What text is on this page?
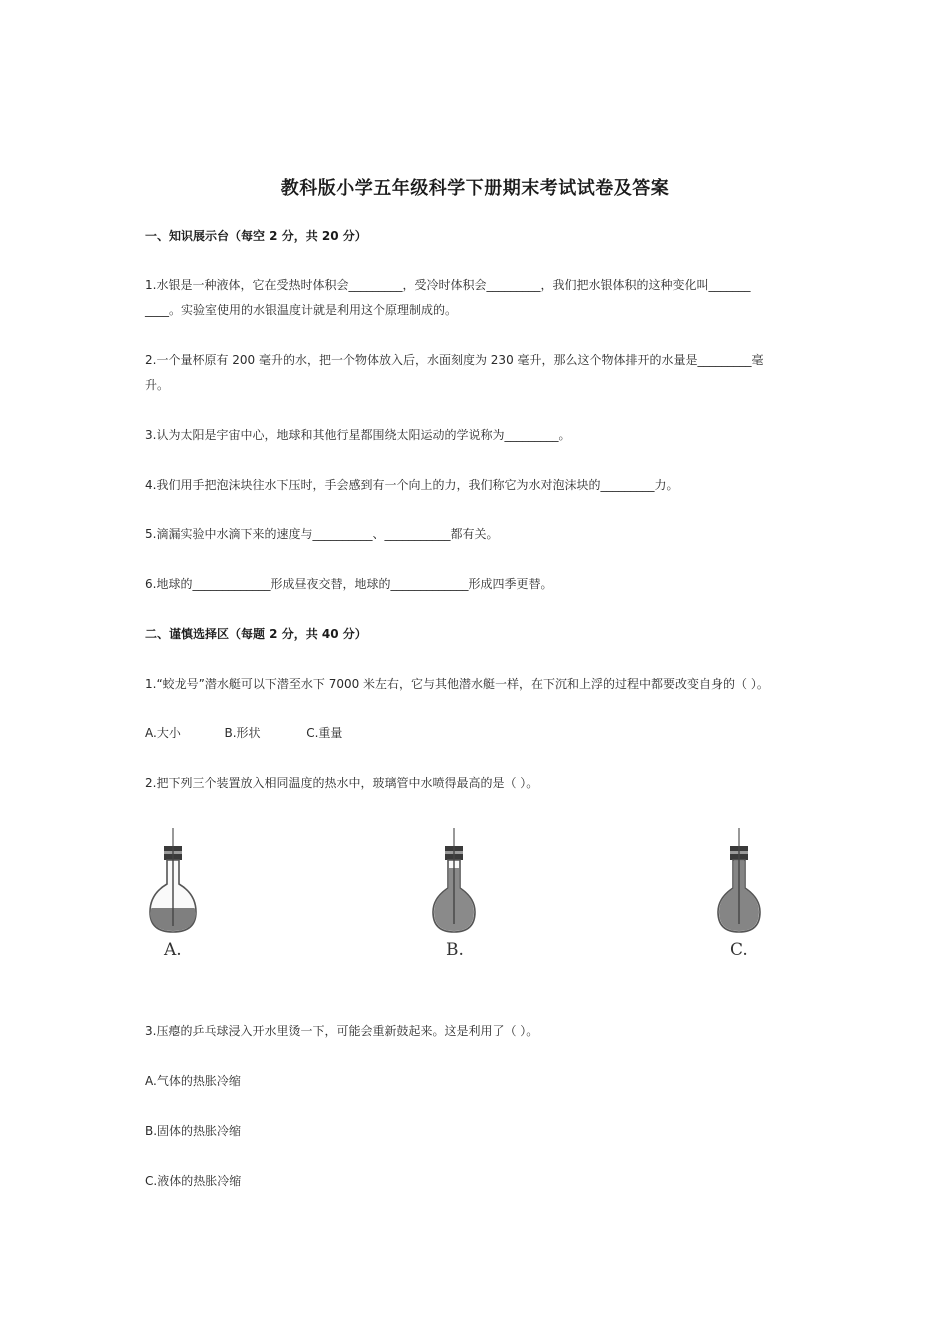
教科版小学五年级科学下册期末考试试卷及答案
一、知识展示台（每空 2 分，共 20 分）
1.水银是一种液体，它在受热时体积会_________，受冷时体积会_________，我们把水银体积的这种变化叫_______
____。实验室使用的水银温度计就是利用这个原理制成的。
2.一个量杯原有 200 毫升的水，把一个物体放入后，水面刻度为 230 毫升，那么这个物体排开的水量是_________毫
升。
3.认为太阳是宇宙中心，地球和其他行星都围绕太阳运动的学说称为_________。
4.我们用手把泡沫块往水下压时，手会感到有一个向上的力，我们称它为水对泡沫块的_________力。
5.滴漏实验中水滴下来的速度与__________、___________都有关。
6.地球的_____________形成昼夜交替，地球的_____________形成四季更替。
二、谨慎选择区（每题 2 分，共 40 分）
1.“蛟龙号”潜水艇可以下潜至水下 7000 米左右，它与其他潜水艇一样，在下沉和上浮的过程中都要改变自身的（ ）。
A.大小	B.形状	C.重量
2.把下列三个装置放入相同温度的热水中，玻璃管中水喷得最高的是（ ）。
A.	B.	C.
3.压瘪的乒乓球浸入开水里烫一下，可能会重新鼓起来。这是利用了（ ）。
A.气体的热胀冷缩
B.固体的热胀冷缩
C.液体的热胀冷缩
